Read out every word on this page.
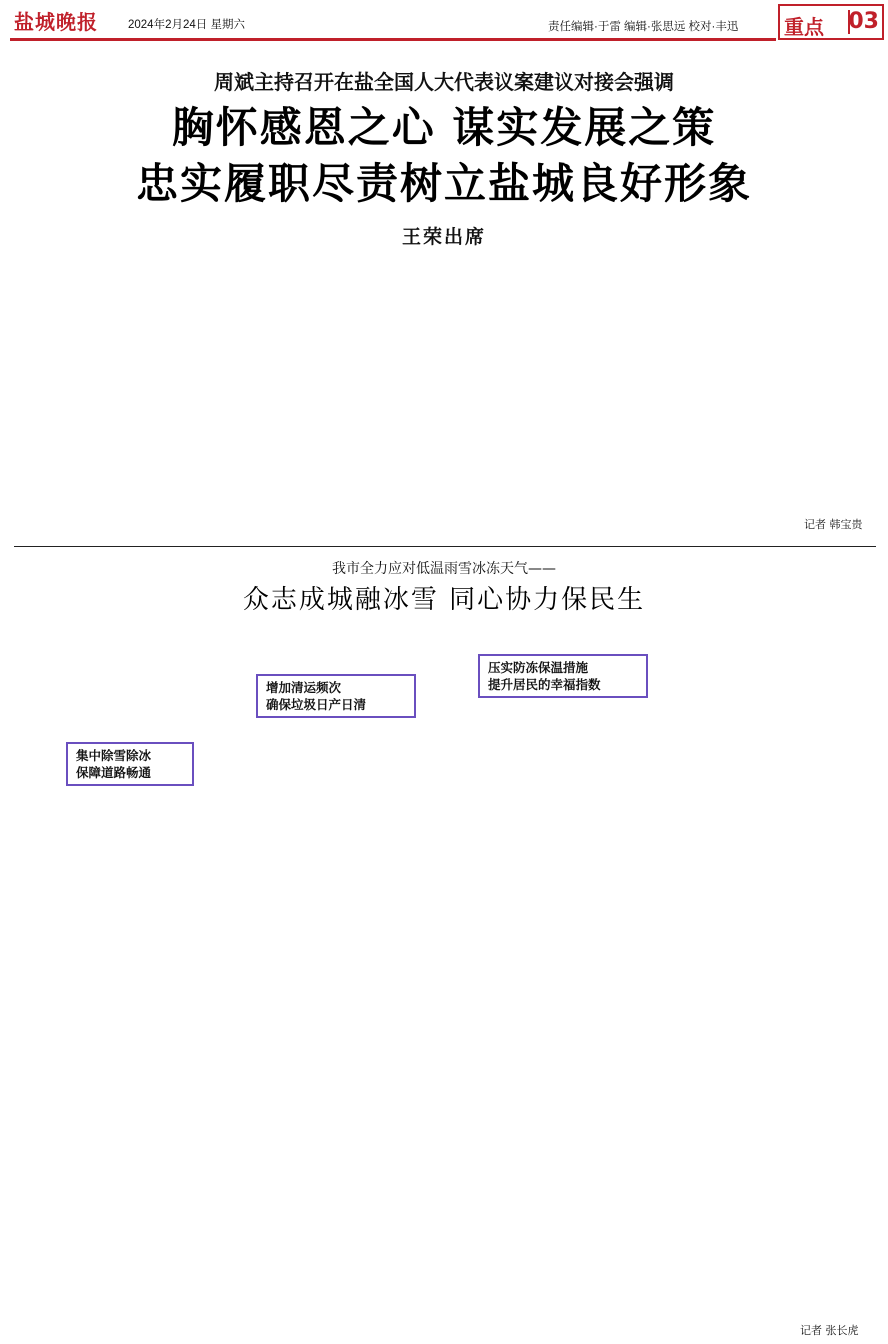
盐城晚报	2024年2月24日 星期六	责任编辑·于雷 编辑·张思远 校对·丰迅 重点 03
周斌主持召开在盐全国人大代表议案建议对接会强调
胸怀感恩之心 谋实发展之策
忠实履职尽责树立盐城良好形象
王荣出席

记者 韩宝贵
我市全力应对低温雨雪冰冻天气——
众志成城融冰雪 同心协力保民生

集中除雪除冰
保障道路畅通

增加清运频次
确保垃圾日产日清

压实防冻保温措施
提升居民的幸福指数

记者 张长虎
